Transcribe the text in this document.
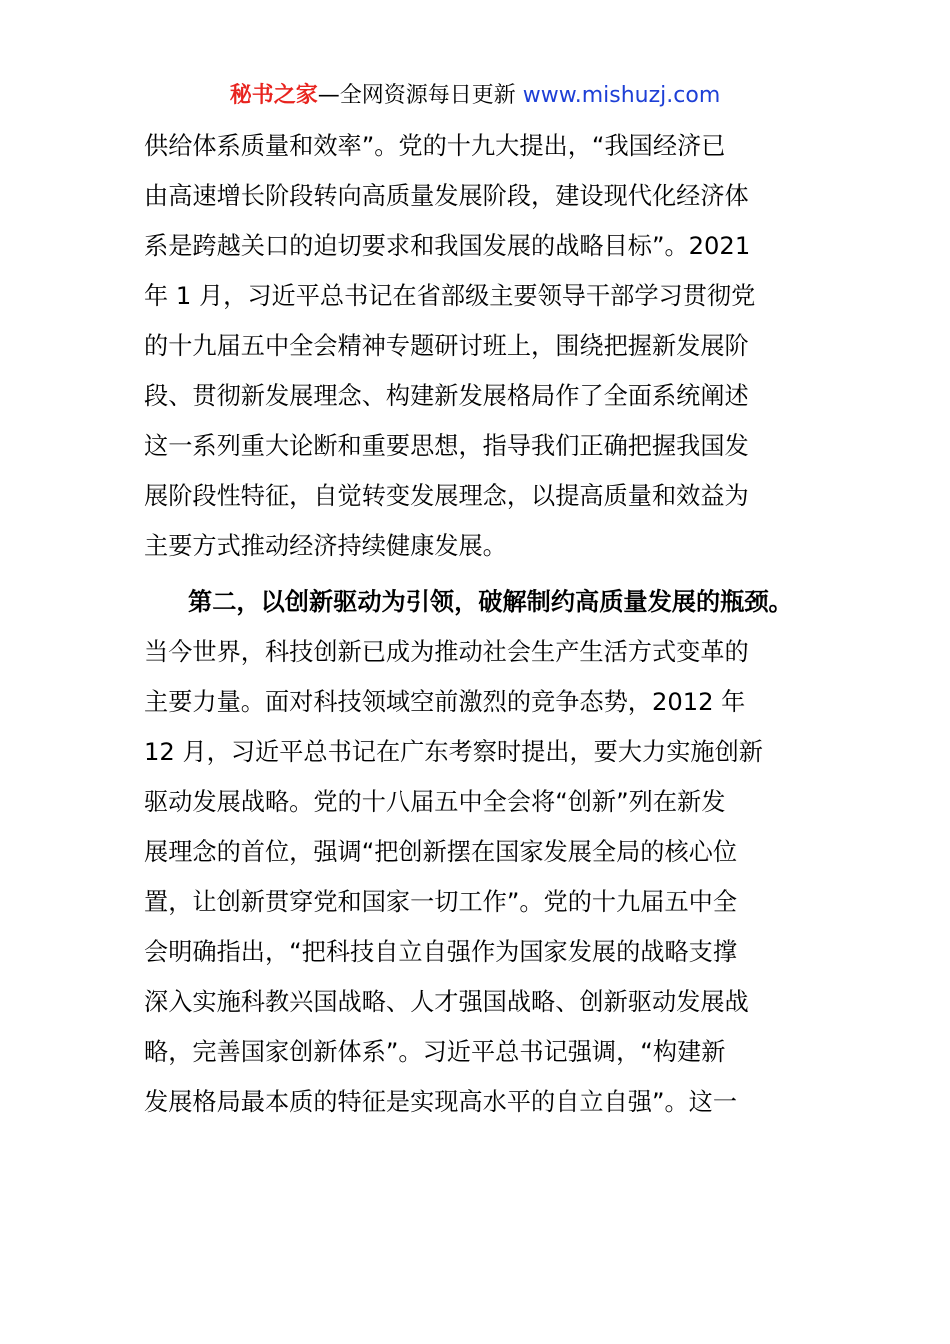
秘书之家—全网资源每日更新 www.mishuzj.com
供给体系质量和效率”。党的十九大提出，“我国经济已
由高速增长阶段转向高质量发展阶段，建设现代化经济体
系是跨越关口的迫切要求和我国发展的战略目标”。2021
年 1 月，习近平总书记在省部级主要领导干部学习贯彻党
的十九届五中全会精神专题研讨班上，围绕把握新发展阶
段、贯彻新发展理念、构建新发展格局作了全面系统阐述
这一系列重大论断和重要思想，指导我们正确把握我国发
展阶段性特征，自觉转变发展理念，以提高质量和效益为
主要方式推动经济持续健康发展。
第二，以创新驱动为引领，破解制约高质量发展的瓶颈。
当今世界，科技创新已成为推动社会生产生活方式变革的
主要力量。面对科技领域空前激烈的竞争态势，2012 年
12 月，习近平总书记在广东考察时提出，要大力实施创新
驱动发展战略。党的十八届五中全会将“创新”列在新发
展理念的首位，强调“把创新摆在国家发展全局的核心位
置，让创新贯穿党和国家一切工作”。党的十九届五中全
会明确指出，“把科技自立自强作为国家发展的战略支撑
深入实施科教兴国战略、人才强国战略、创新驱动发展战
略，完善国家创新体系”。习近平总书记强调，“构建新
发展格局最本质的特征是实现高水平的自立自强”。这一
